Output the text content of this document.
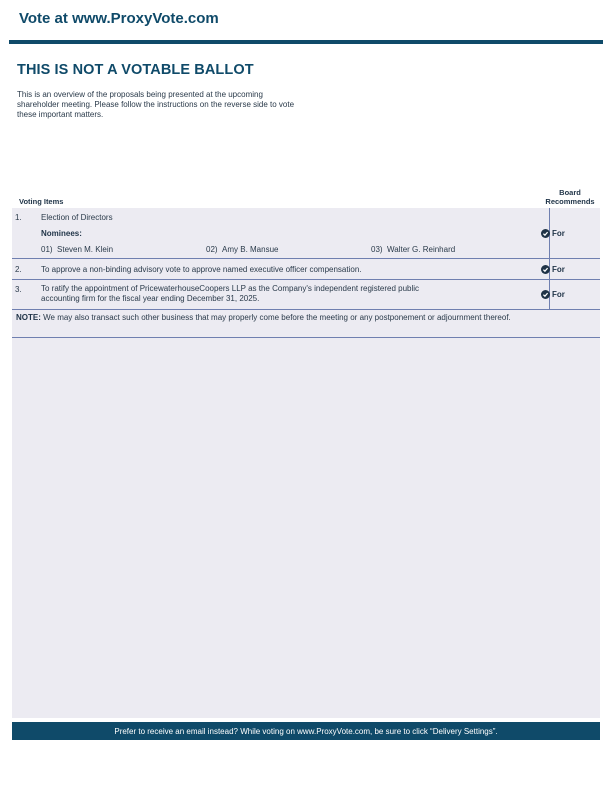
Vote at www.ProxyVote.com
THIS IS NOT A VOTABLE BALLOT
This is an overview of the proposals being presented at the upcoming shareholder meeting. Please follow the instructions on the reverse side to vote these important matters.
Voting Items
Board
Recommends
1. Election of Directors
Nominees:
01) Steven M. Klein	02) Amy B. Mansue	03) Walter G. Reinhard
For
2. To approve a non-binding advisory vote to approve named executive officer compensation.	For
3. To ratify the appointment of PricewaterhouseCoopers LLP as the Company's independent registered public
accounting firm for the fiscal year ending December 31, 2025.	For
NOTE: We may also transact such other business that may properly come before the meeting or any postponement or adjournment thereof.
Prefer to receive an email instead? While voting on www.ProxyVote.com, be sure to click “Delivery Settings”.
